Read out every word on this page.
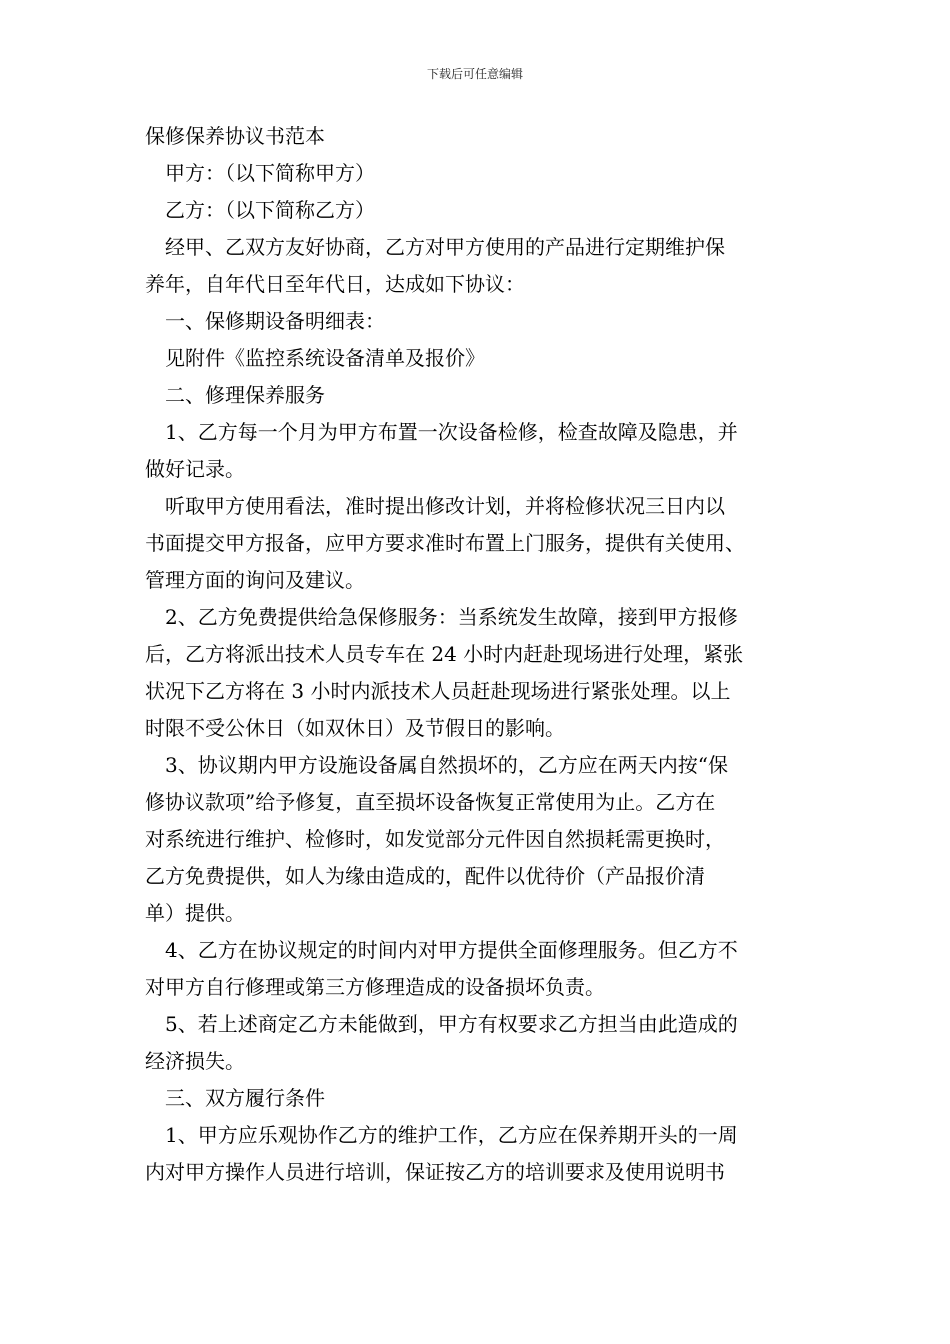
下载后可任意编辑

保修保养协议书范本

甲方：（以下简称甲方）

乙方：（以下简称乙方）

经甲、乙双方友好协商，乙方对甲方使用的产品进行定期维护保

养年，自年代日至年代日，达成如下协议：

一、保修期设备明细表：

见附件《监控系统设备清单及报价》

二、修理保养服务

1、乙方每一个月为甲方布置一次设备检修，检查故障及隐患，并

做好记录。

听取甲方使用看法，准时提出修改计划，并将检修状况三日内以

书面提交甲方报备，应甲方要求准时布置上门服务，提供有关使用、

管理方面的询问及建议。

2、乙方免费提供给急保修服务：当系统发生故障，接到甲方报修

后，乙方将派出技术人员专车在 24 小时内赶赴现场进行处理，紧张

状况下乙方将在 3 小时内派技术人员赶赴现场进行紧张处理。以上

时限不受公休日（如双休日）及节假日的影响。

3、协议期内甲方设施设备属自然损坏的，乙方应在两天内按“保

修协议款项”给予修复，直至损坏设备恢复正常使用为止。乙方在

对系统进行维护、检修时，如发觉部分元件因自然损耗需更换时，

乙方免费提供，如人为缘由造成的，配件以优待价（产品报价清

单）提供。

4、乙方在协议规定的时间内对甲方提供全面修理服务。但乙方不

对甲方自行修理或第三方修理造成的设备损坏负责。

5、若上述商定乙方未能做到，甲方有权要求乙方担当由此造成的

经济损失。

三、双方履行条件

1、甲方应乐观协作乙方的维护工作，乙方应在保养期开头的一周

内对甲方操作人员进行培训，保证按乙方的培训要求及使用说明书
